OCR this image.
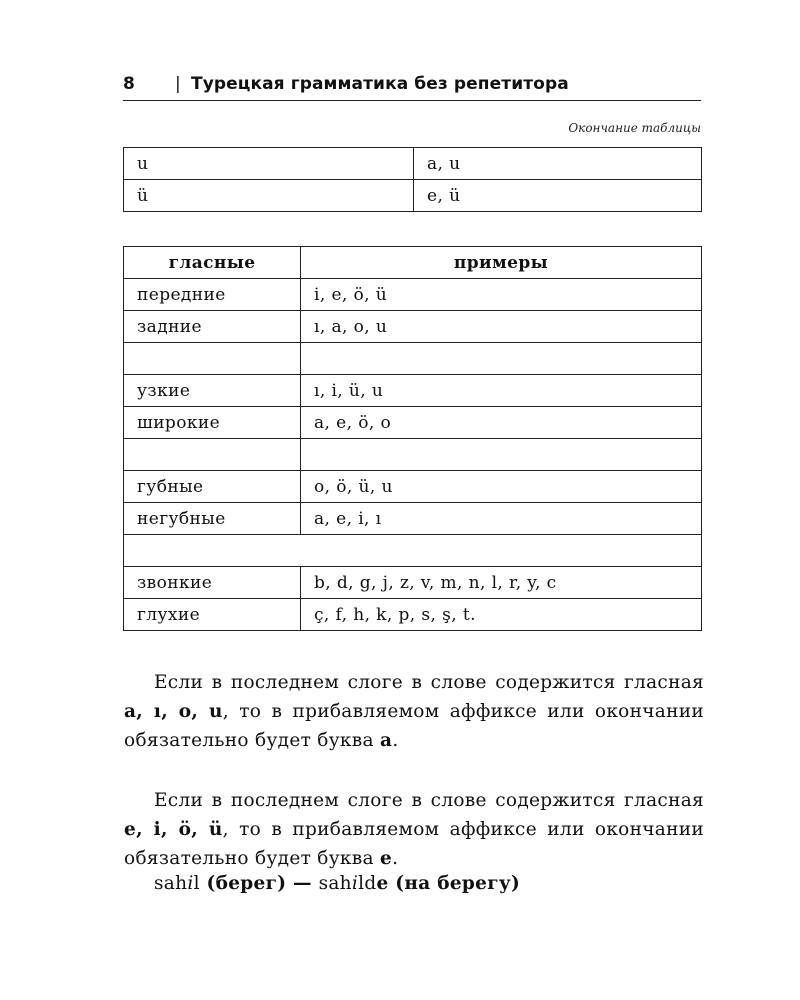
8 | Турецкая грамматика без репетитора
Окончание таблицы
u	a, u
ü	e, ü
гласные	примеры
передние	i, e, ö, ü
задние	ı, a, o, u

узкие	ı, i, ü, u
широкие	a, e, ö, o

губные	o, ö, ü, u
негубные	a, e, i, ı

звонкие	b, d, g, j, z, v, m, n, l, r, y, c
глухие	ç, f, h, k, p, s, ş, t.
Если в последнем слоге в слове содержится гласная a, ı, o, u, то в прибавляемом аффиксе или окончании обязательно будет буква a.
Если в последнем слоге в слове содержится гласная e, i, ö, ü, то в прибавляемом аффиксе или окончании обязательно будет буква e.
sahil (берег) — sahilde (на берегу)
